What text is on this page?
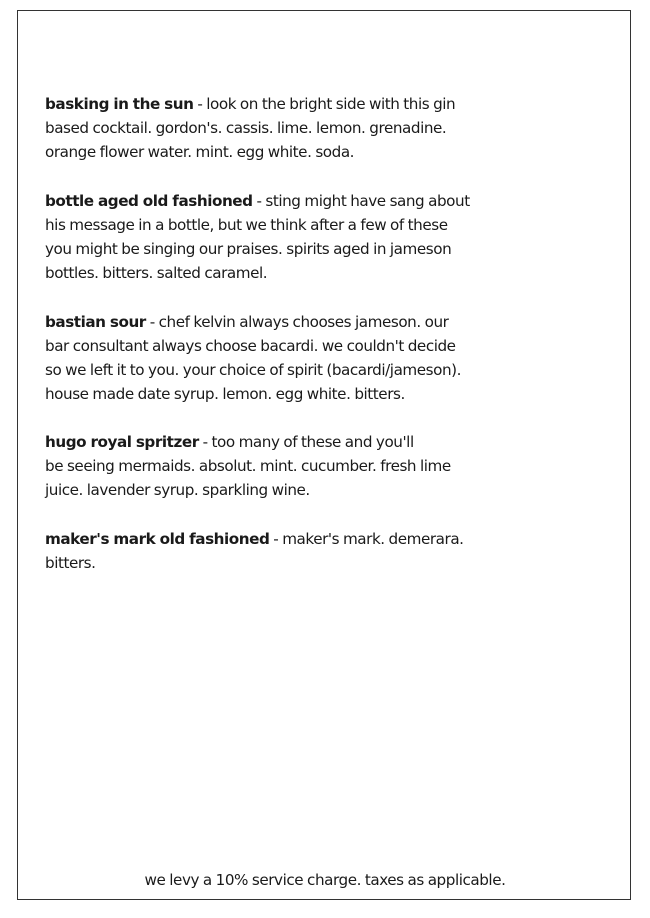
basking in the sun - look on the bright side with this gin
based cocktail. gordon's. cassis. lime. lemon. grenadine.
orange flower water. mint. egg white. soda.

bottle aged old fashioned - sting might have sang about
his message in a bottle, but we think after a few of these
you might be singing our praises. spirits aged in jameson
bottles. bitters. salted caramel.

bastian sour - chef kelvin always chooses jameson. our
bar consultant always choose bacardi. we couldn't decide
so we left it to you. your choice of spirit (bacardi/jameson).
house made date syrup. lemon. egg white. bitters.

hugo royal spritzer - too many of these and you'll
be seeing mermaids. absolut. mint. cucumber. fresh lime
juice. lavender syrup. sparkling wine.

maker's mark old fashioned - maker's mark. demerara.
bitters.

we levy a 10% service charge. taxes as applicable.
